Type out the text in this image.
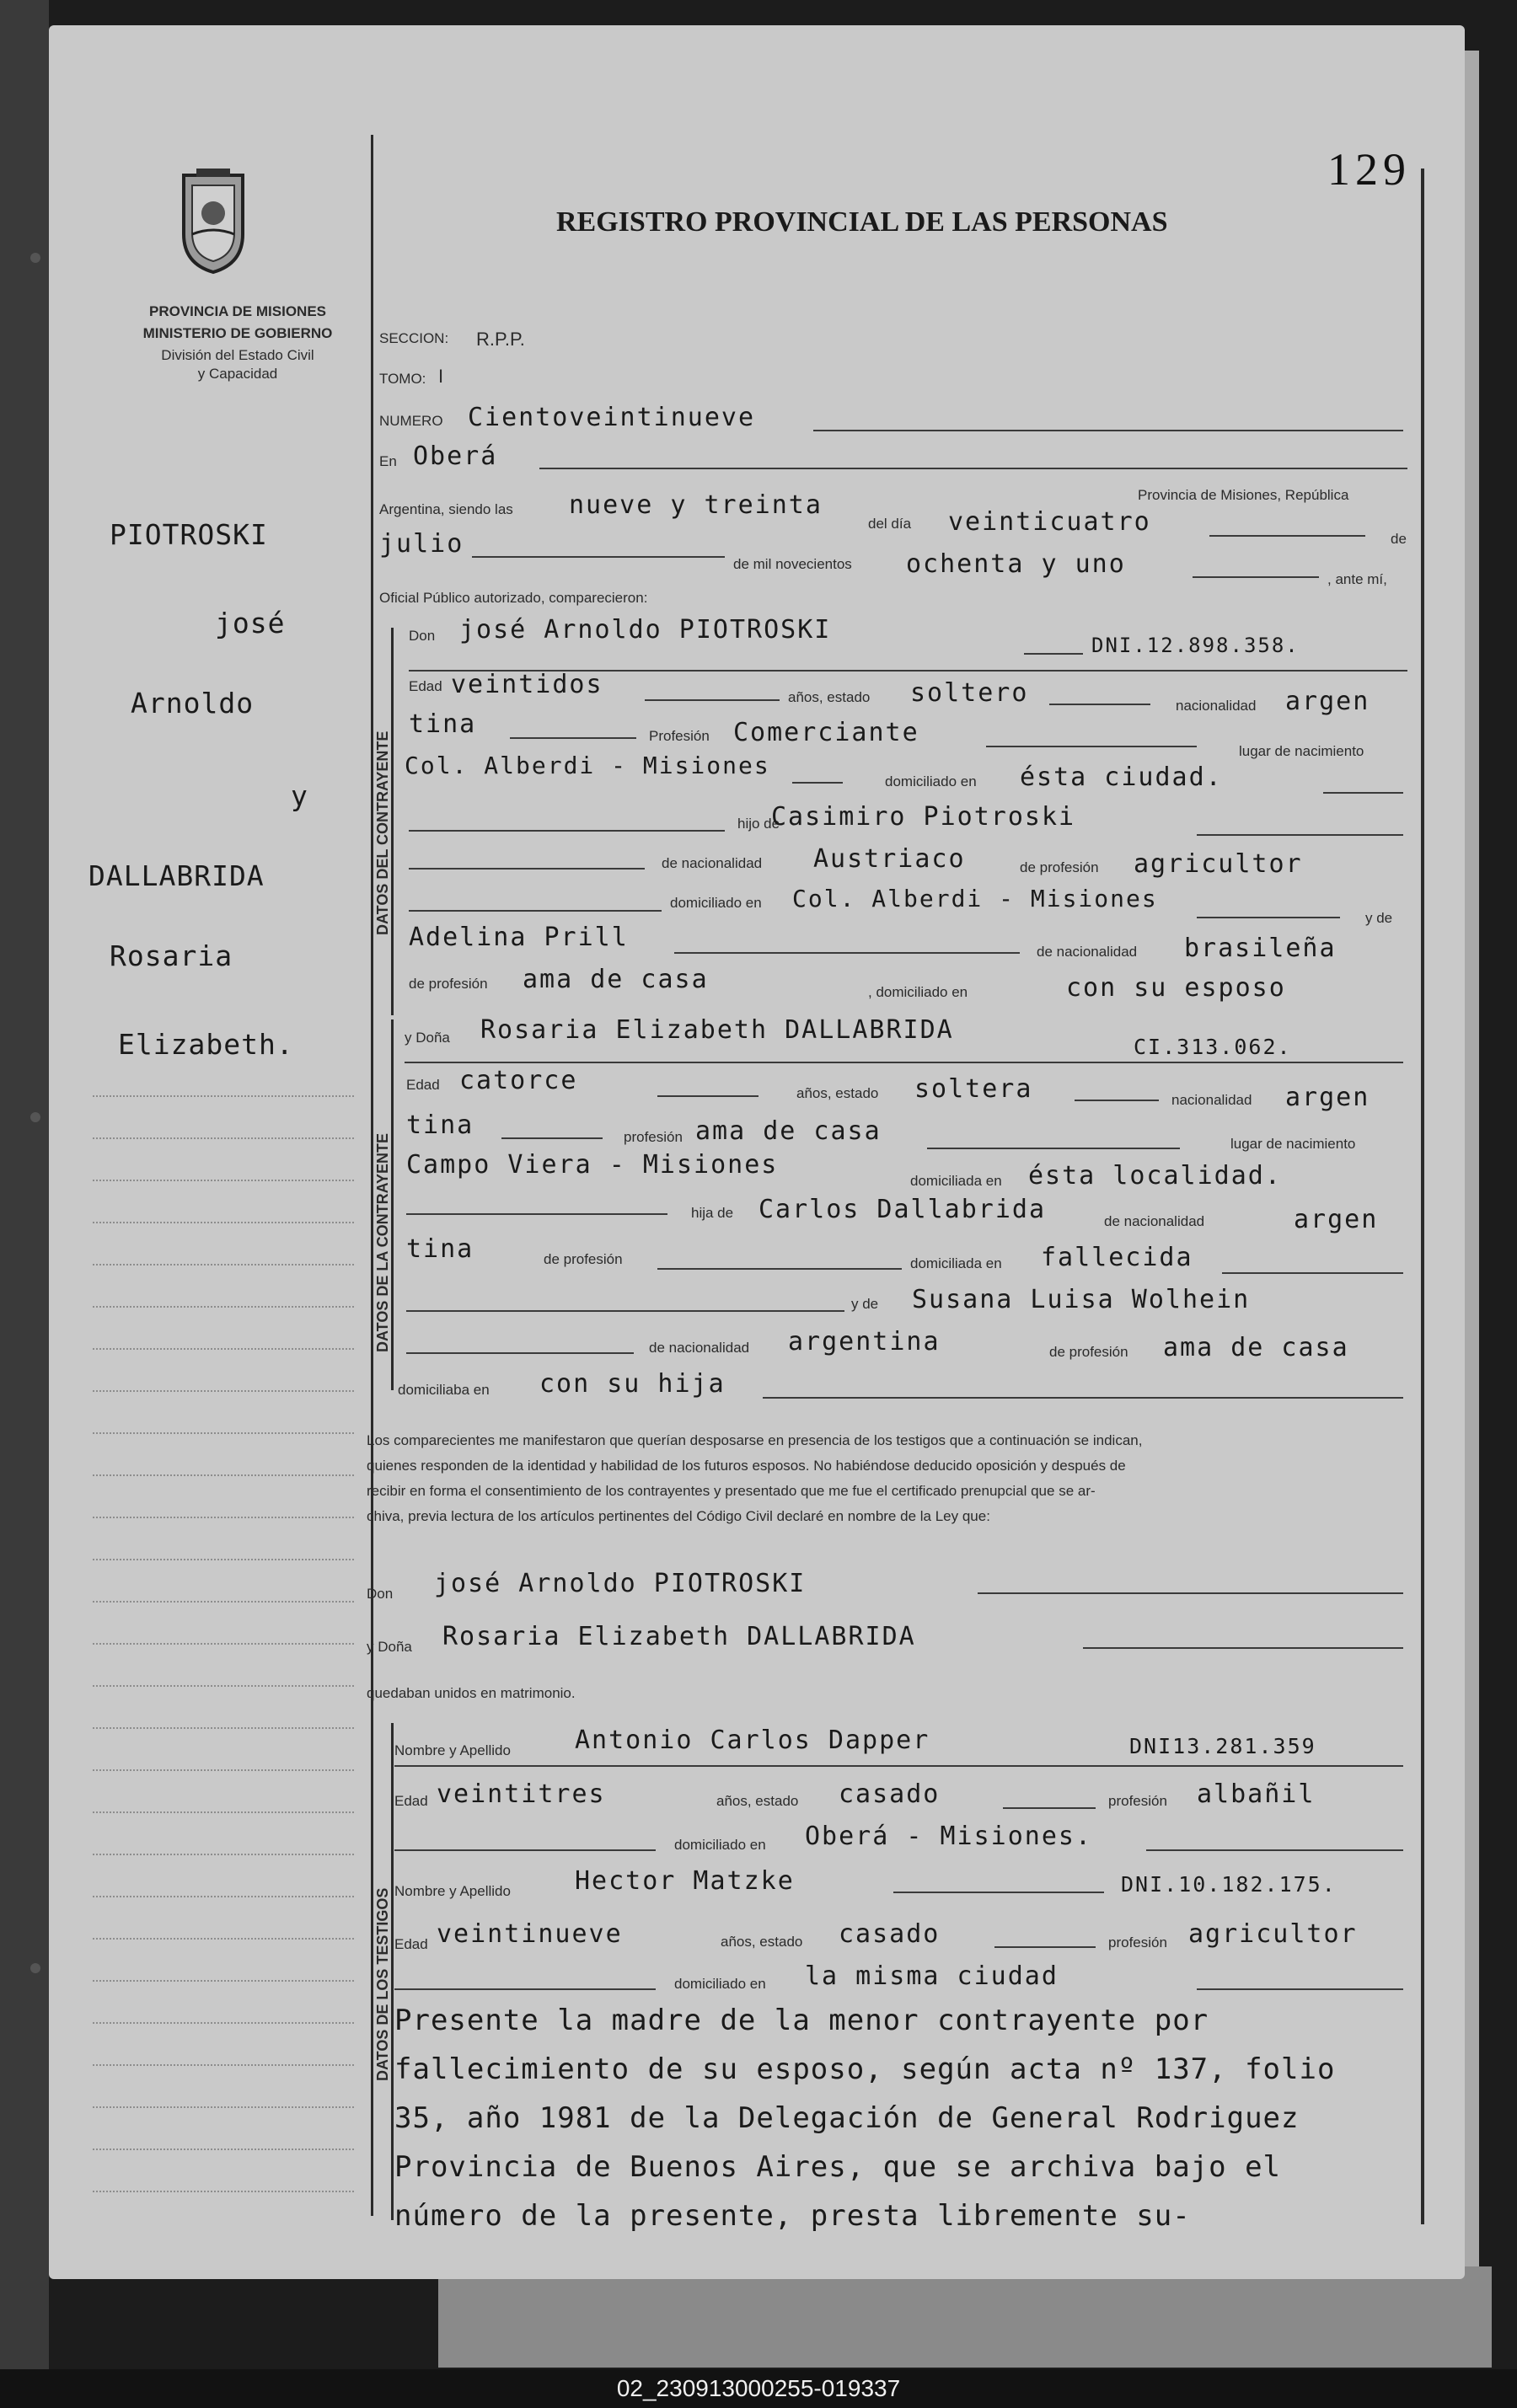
PROVINCIA DE MISIONES
MINISTERIO DE GOBIERNO
División del Estado Civil
y Capacidad
129
REGISTRO PROVINCIAL DE LAS PERSONAS
DATOS DEL CONTRAYENTE
DATOS DE LA CONTRAYENTE
DATOS DE LOS TESTIGOS
PIOTROSKI
josé
Arnoldo
y
DALLABRIDA
Rosaria
Elizabeth.
SECCION: R.P.P.
TOMO: I
NUMERO Cientoveintinueve
En Oberá
Provincia de Misiones, República
Argentina, siendo las nueve y treinta
del día veinticuatro
de
julio
de mil novecientos ochenta y uno
, ante mí,
Oficial Público autorizado, comparecieron:
Don josé Arnoldo PIOTROSKI
DNI.12.898.358.
Edad veintidos	años, estado soltero	nacionalidad argen
tina	Profesión Comerciante
lugar de nacimiento
Col. Alberdi - Misiones
domiciliado en ésta ciudad.
hijo de
Casimiro Piotroski
de nacionalidad Austriaco	de profesión agricultor
domiciliado en Col. Alberdi - Misiones
y de
Adelina Prill	de nacionalidad brasileña
de profesión ama de casa	, domiciliado en	con su esposo
y Doña Rosaria Elizabeth DALLABRIDA
CI.313.062.
Edad catorce	años, estado soltera	nacionalidad argen
tina	profesión ama de casa	lugar de nacimiento
Campo Viera - Misiones
domiciliada en ésta localidad.
hija de Carlos Dallabrida	de nacionalidad	argen
tina	de profesión	domiciliada en fallecida
y de Susana Luisa Wolhein
de nacionalidad argentina	de profesión ama de casa
domiciliaba en con su hija
Los comparecientes me manifestaron que querían desposarse en presencia de los testigos que a continuación se indican,
quienes responden de la identidad y habilidad de los futuros esposos. No habiéndose deducido oposición y después de
recibir en forma el consentimiento de los contrayentes y presentado que me fue el certificado prenupcial que se ar-
chiva, previa lectura de los artículos pertinentes del Código Civil declaré en nombre de la Ley que:
Don josé Arnoldo PIOTROSKI
y Doña Rosaria Elizabeth DALLABRIDA
quedaban unidos en matrimonio.
Nombre y Apellido	Antonio Carlos Dapper	DNI13.281.359
Edad veintitres	años, estado casado	profesión albañil
domiciliado en Oberá - Misiones.
Nombre y Apellido	Hector Matzke	DNI.10.182.175.
Edad veintinueve	años, estado casado	profesión agricultor
domiciliado en la misma ciudad
Presente la madre de la menor contrayente por
fallecimiento de su esposo, según acta nº 137, folio
35, año 1981 de la Delegación de General Rodriguez
Provincia de Buenos Aires, que se archiva bajo el
número de la presente, presta libremente su-
02_230913000255-019337
